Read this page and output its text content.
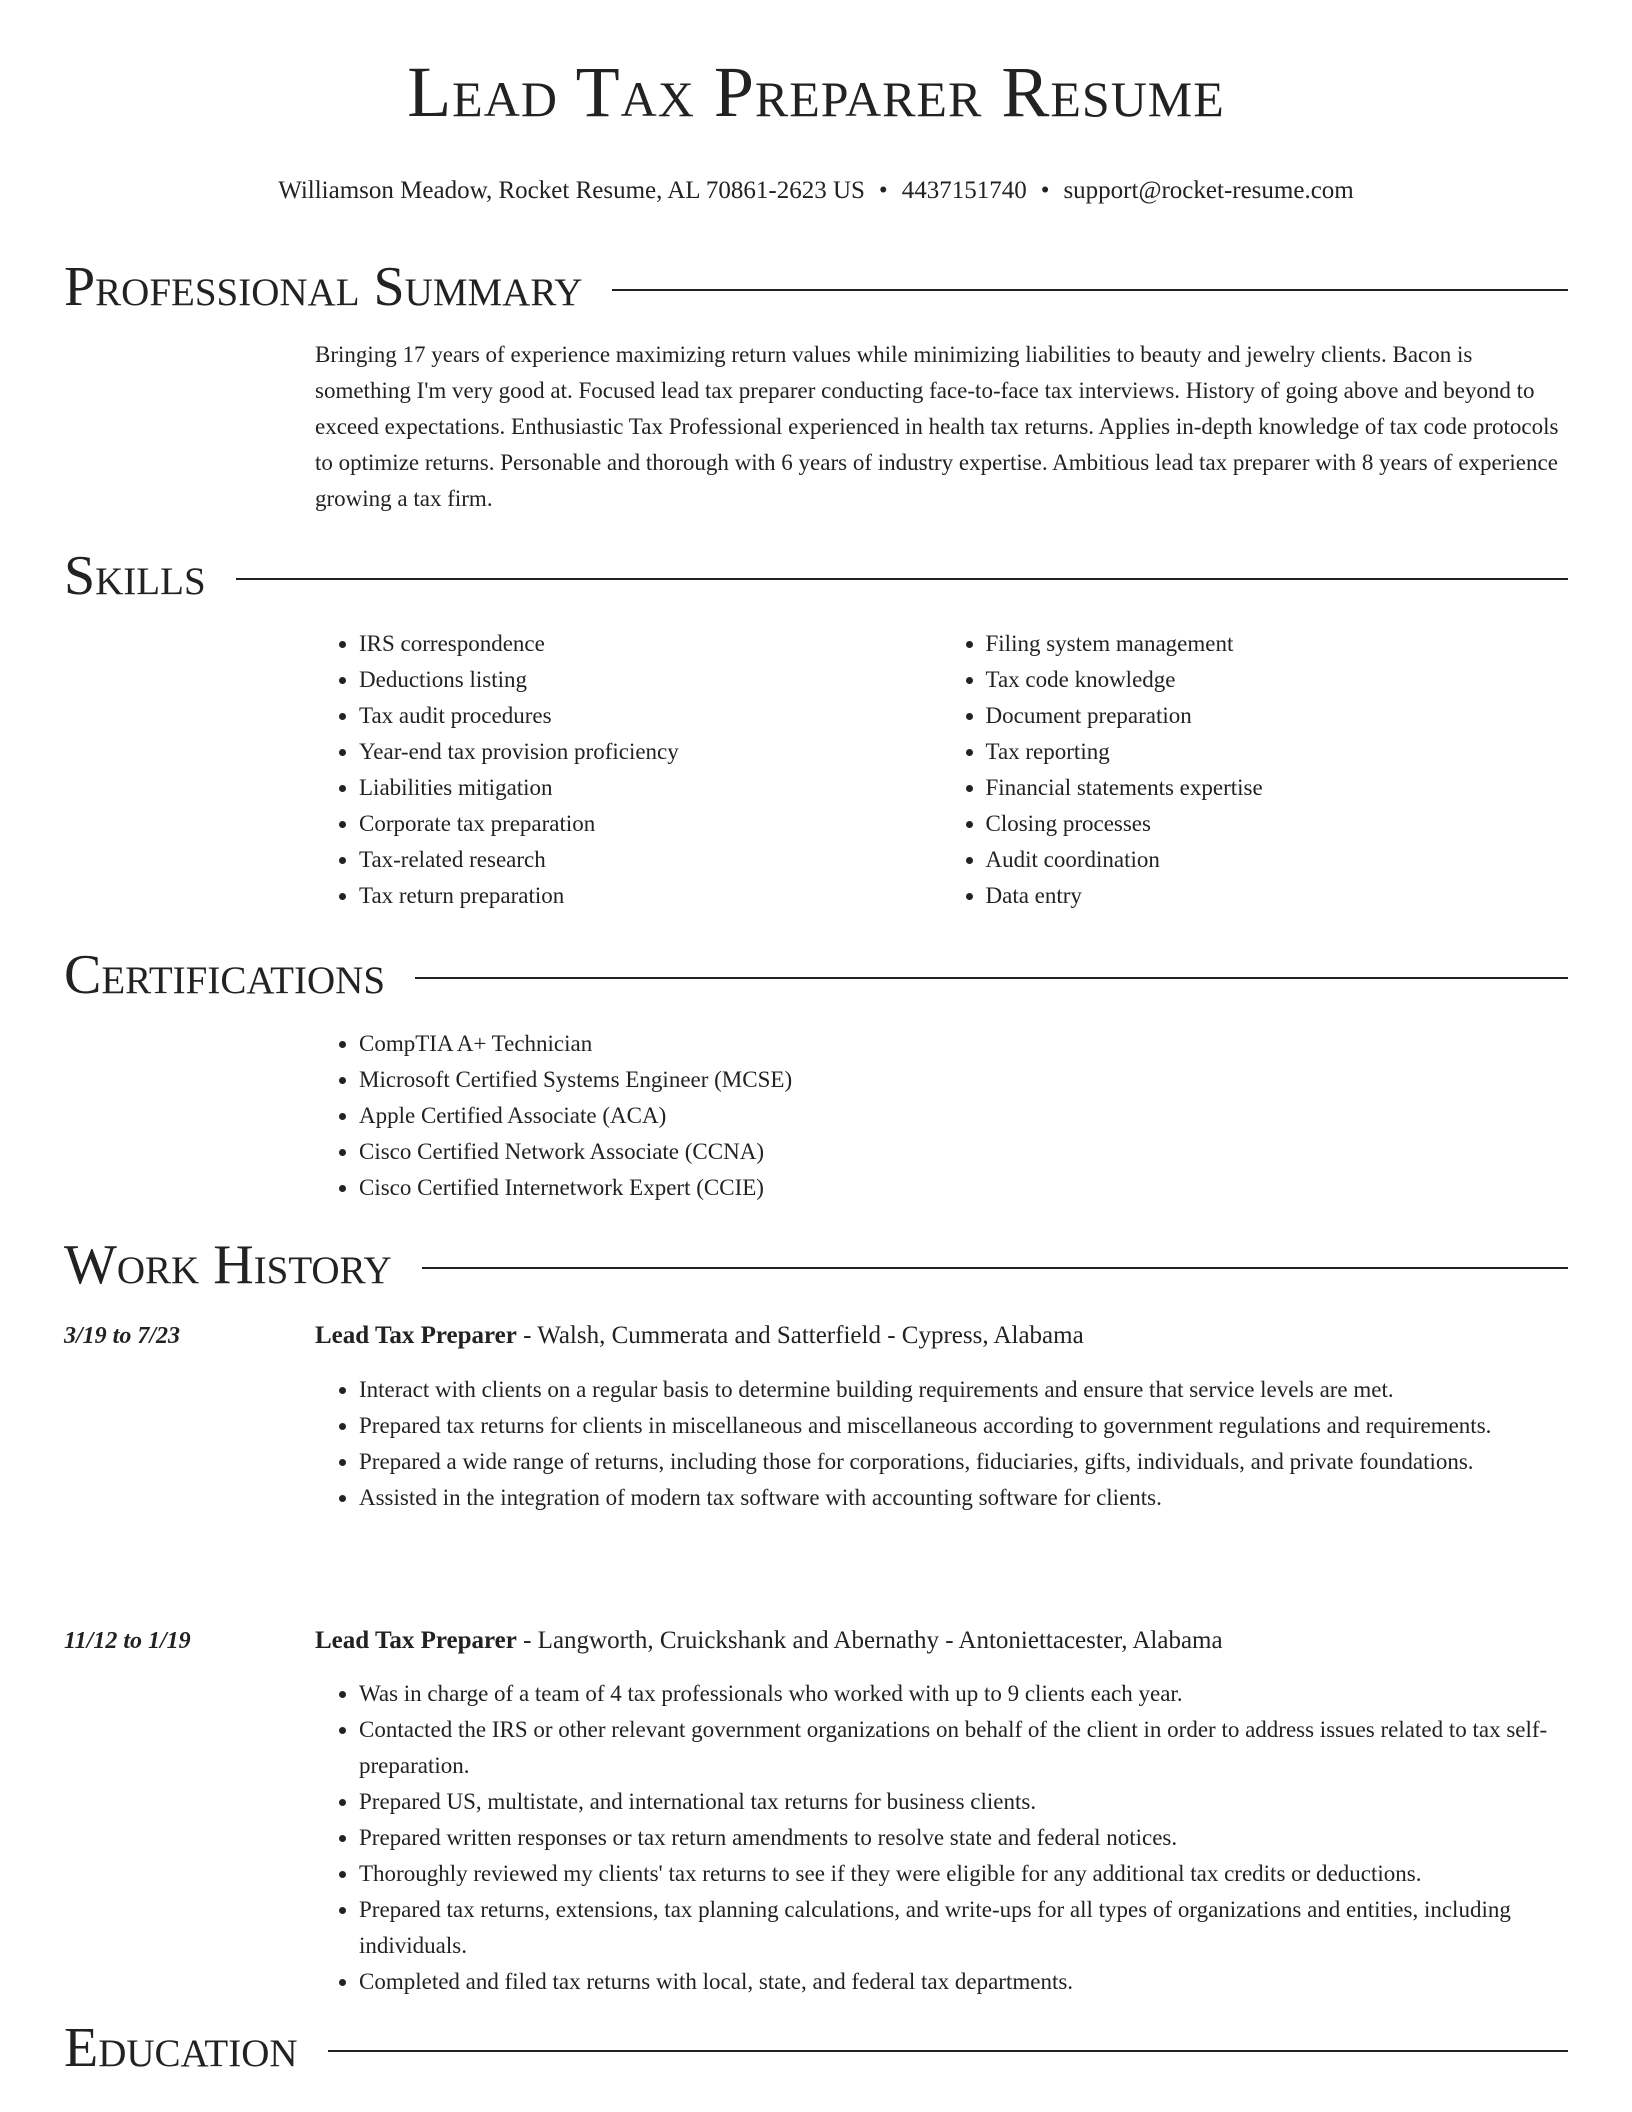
Lead Tax Preparer Resume
Williamson Meadow, Rocket Resume, AL 70861-2623 US • 4437151740 • support@rocket-resume.com
Professional Summary
Bringing 17 years of experience maximizing return values while minimizing liabilities to beauty and jewelry clients. Bacon is something I'm very good at. Focused lead tax preparer conducting face-to-face tax interviews. History of going above and beyond to exceed expectations. Enthusiastic Tax Professional experienced in health tax returns. Applies in-depth knowledge of tax code protocols to optimize returns. Personable and thorough with 6 years of industry expertise. Ambitious lead tax preparer with 8 years of experience growing a tax firm.
Skills
• IRS correspondence
• Deductions listing
• Tax audit procedures
• Year-end tax provision proficiency
• Liabilities mitigation
• Corporate tax preparation
• Tax-related research
• Tax return preparation
• Filing system management
• Tax code knowledge
• Document preparation
• Tax reporting
• Financial statements expertise
• Closing processes
• Audit coordination
• Data entry
Certifications
• CompTIA A+ Technician
• Microsoft Certified Systems Engineer (MCSE)
• Apple Certified Associate (ACA)
• Cisco Certified Network Associate (CCNA)
• Cisco Certified Internetwork Expert (CCIE)
Work History
3/19 to 7/23	Lead Tax Preparer - Walsh, Cummerata and Satterfield - Cypress, Alabama
• Interact with clients on a regular basis to determine building requirements and ensure that service levels are met.
• Prepared tax returns for clients in miscellaneous and miscellaneous according to government regulations and requirements.
• Prepared a wide range of returns, including those for corporations, fiduciaries, gifts, individuals, and private foundations.
• Assisted in the integration of modern tax software with accounting software for clients.
11/12 to 1/19	Lead Tax Preparer - Langworth, Cruickshank and Abernathy - Antoniettacester, Alabama
• Was in charge of a team of 4 tax professionals who worked with up to 9 clients each year.
• Contacted the IRS or other relevant government organizations on behalf of the client in order to address issues related to tax self-preparation.
• Prepared US, multistate, and international tax returns for business clients.
• Prepared written responses or tax return amendments to resolve state and federal notices.
• Thoroughly reviewed my clients' tax returns to see if they were eligible for any additional tax credits or deductions.
• Prepared tax returns, extensions, tax planning calculations, and write-ups for all types of organizations and entities, including individuals.
• Completed and filed tax returns with local, state, and federal tax departments.
Education
